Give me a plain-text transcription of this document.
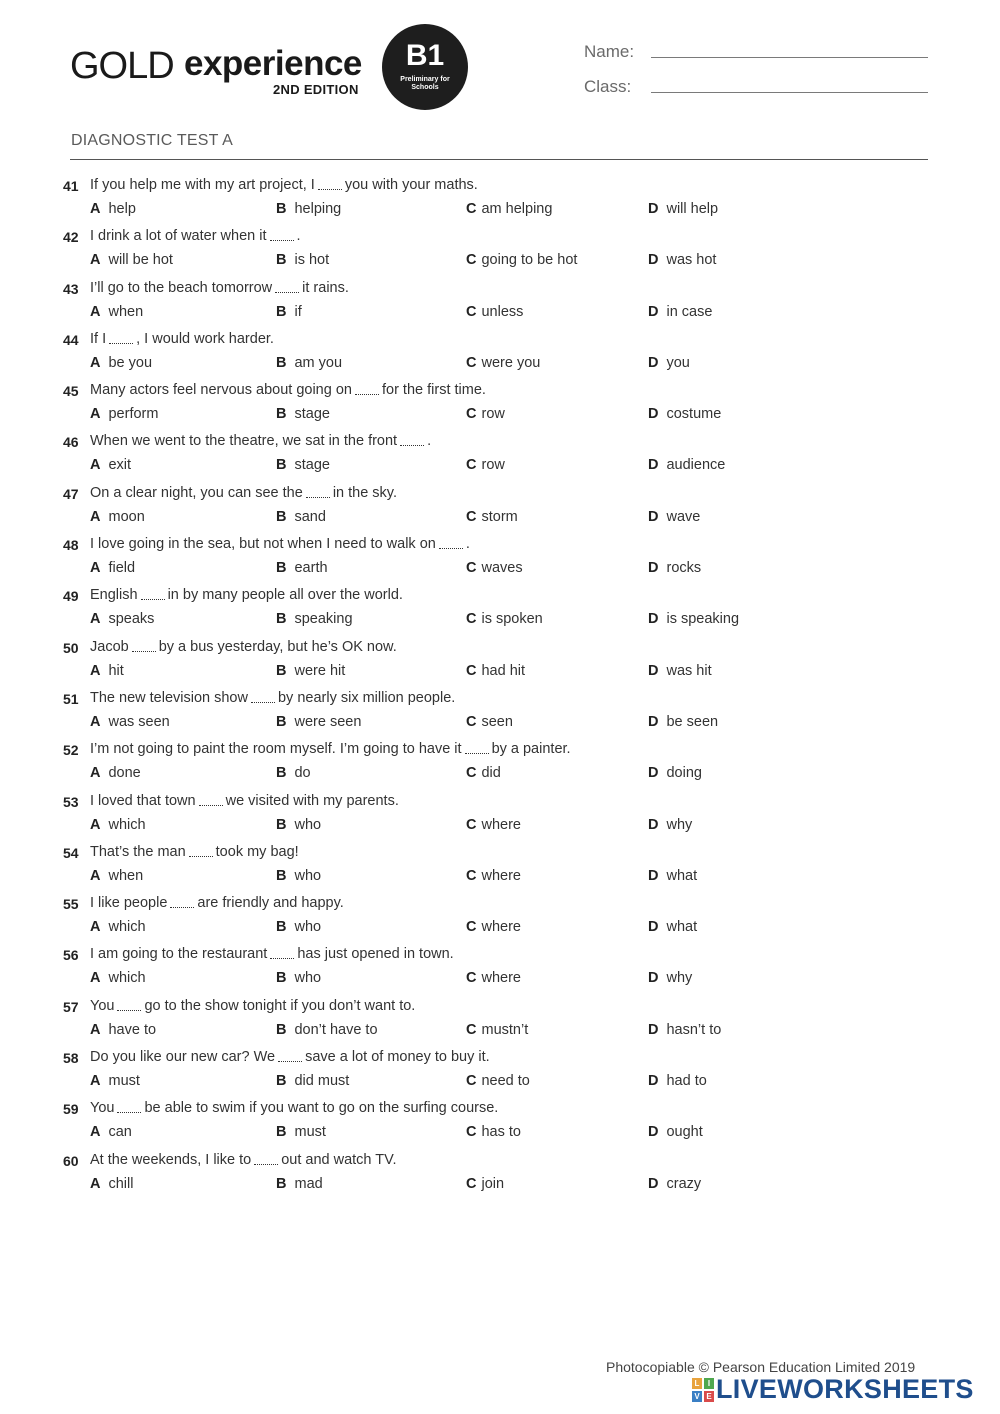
GOLD experience
2ND EDITION
B1
Preliminary for Schools
Name:
Class:
DIAGNOSTIC TEST A
41 If you help me with my art project, I you with your maths.
A help	B helping	C am helping	D will help
42 I drink a lot of water when it .
A will be hot	B is hot	C going to be hot	D was hot
43 I’ll go to the beach tomorrow it rains.
A when	B if	C unless	D in case
44 If I , I would work harder.
A be you	B am you	C were you	D you
45 Many actors feel nervous about going on for the first time.
A perform	B stage	C row	D costume
46 When we went to the theatre, we sat in the front .
A exit	B stage	C row	D audience
47 On a clear night, you can see the in the sky.
A moon	B sand	C storm	D wave
48 I love going in the sea, but not when I need to walk on .
A field	B earth	C waves	D rocks
49 English in by many people all over the world.
A speaks	B speaking	C is spoken	D is speaking
50 Jacob by a bus yesterday, but he’s OK now.
A hit	B were hit	C had hit	D was hit
51 The new television show by nearly six million people.
A was seen	B were seen	C seen	D be seen
52 I’m not going to paint the room myself. I’m going to have it by a painter.
A done	B do	C did	D doing
53 I loved that town we visited with my parents.
A which	B who	C where	D why
54 That’s the man took my bag!
A when	B who	C where	D what
55 I like people are friendly and happy.
A which	B who	C where	D what
56 I am going to the restaurant has just opened in town.
A which	B who	C where	D why
57 You go to the show tonight if you don’t want to.
A have to	B don’t have to	C mustn’t	D hasn’t to
58 Do you like our new car? We save a lot of money to buy it.
A must	B did must	C need to	D had to
59 You be able to swim if you want to go on the surfing course.
A can	B must	C has to	D ought
60 At the weekends, I like to out and watch TV.
A chill	B mad	C join	D crazy
Photocopiable © Pearson Education Limited 2019
L	I
V E LIVEWORKSHEETS
